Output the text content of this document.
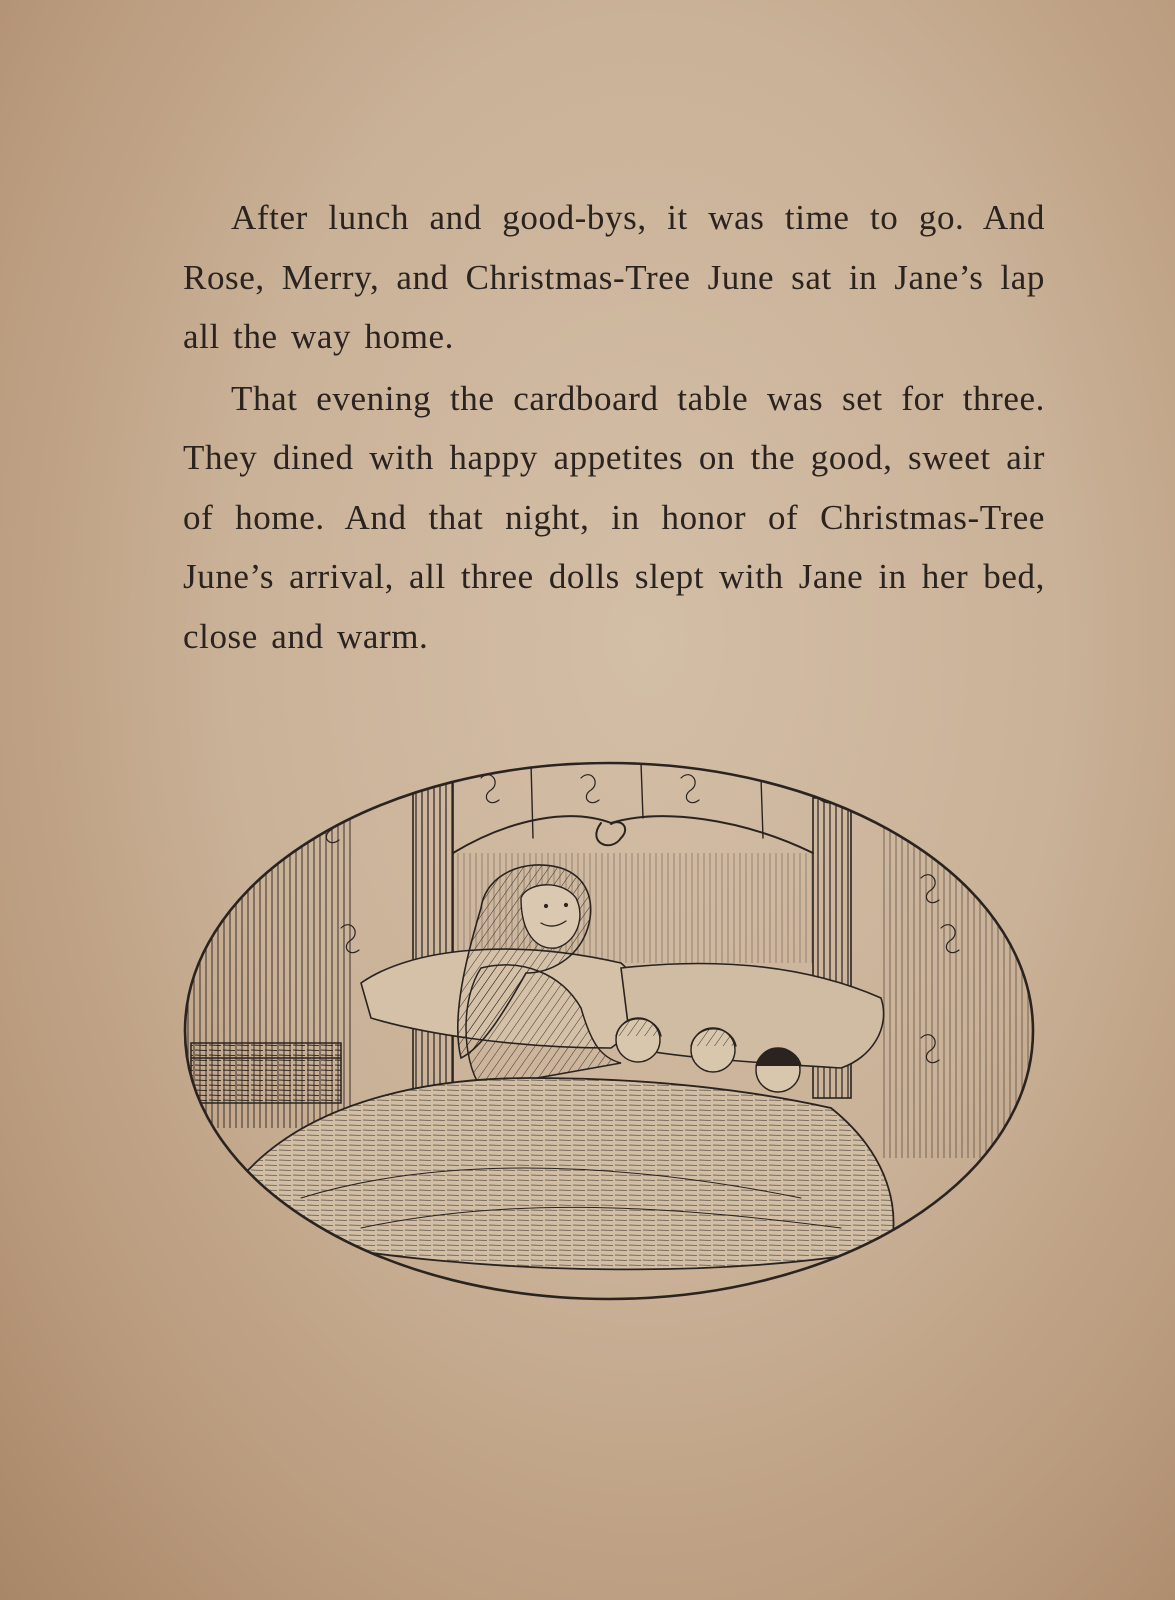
After lunch and good-bys, it was time to go. And Rose, Merry, and Christmas-Tree June sat in Jane’s lap all the way home.

That evening the cardboard table was set for three. They dined with happy appetites on the good, sweet air of home. And that night, in honor of Christmas-Tree June’s arrival, all three dolls slept with Jane in her bed, close and warm.
